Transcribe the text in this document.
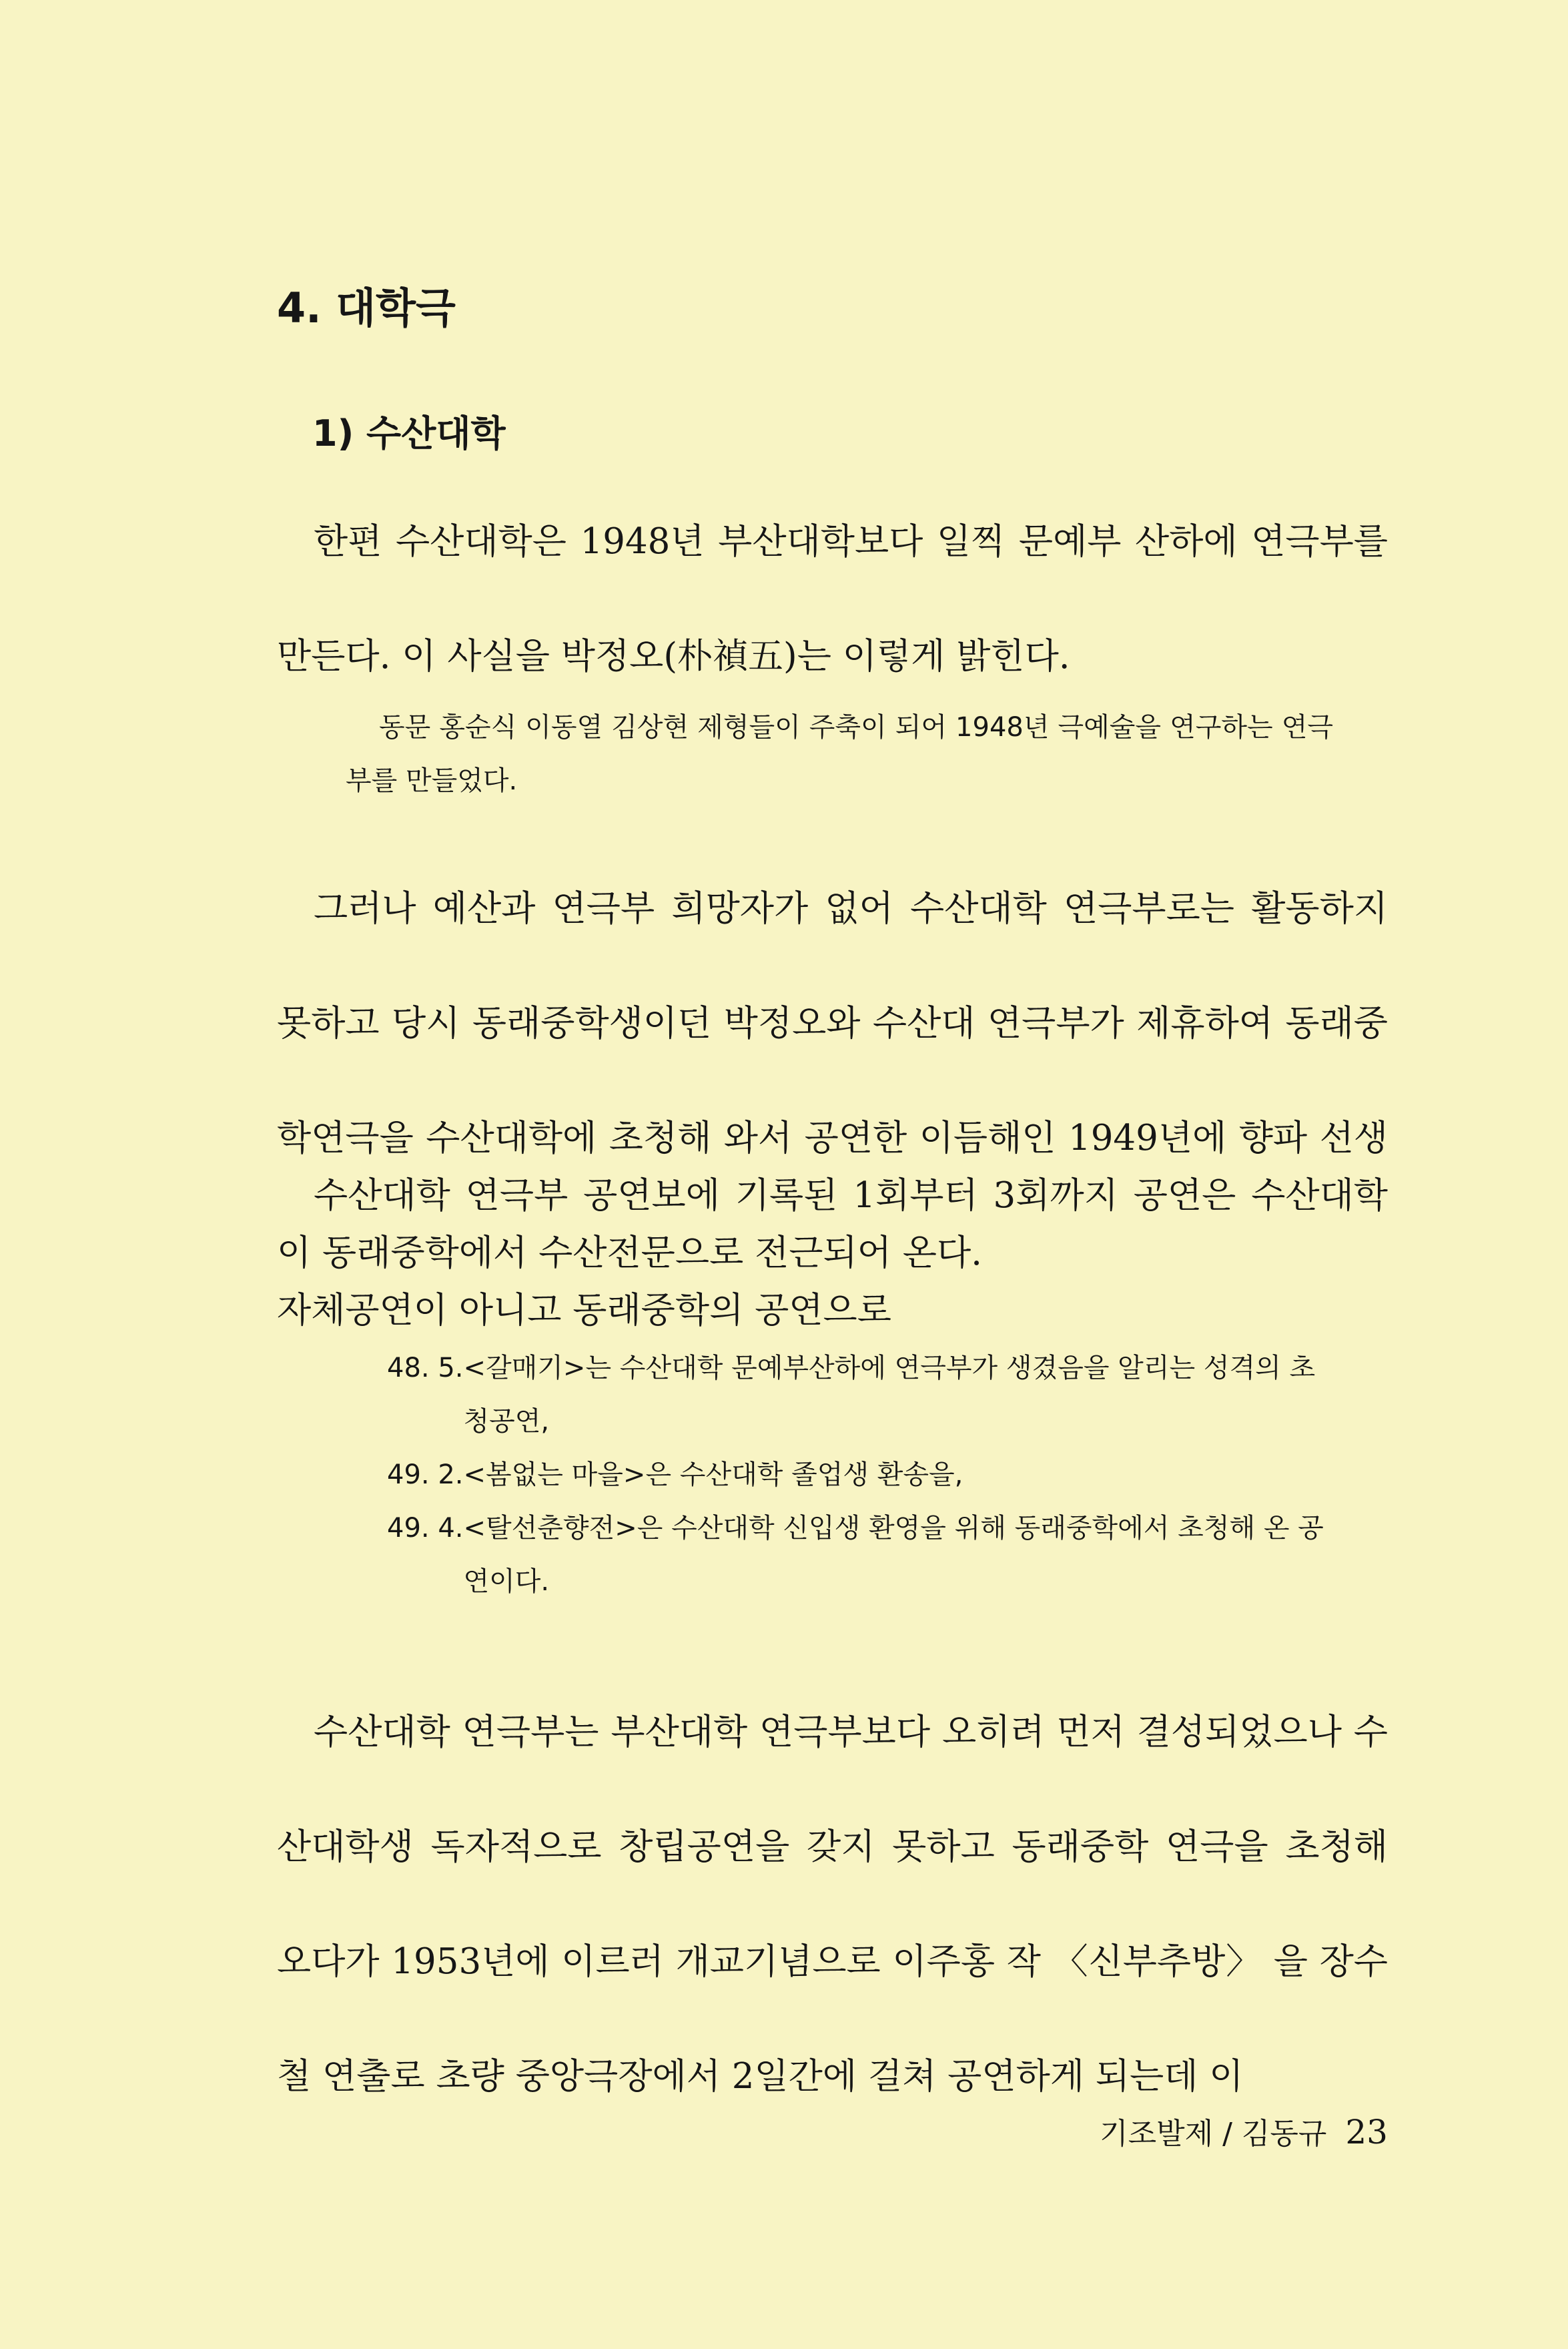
4. 대학극
1) 수산대학

한편 수산대학은 1948년 부산대학보다 일찍 문예부 산하에 연극부를 만든다. 이 사실을 박정오(朴禎五)는 이렇게 밝힌다.

동문 홍순식 이동열 김상현 제형들이 주축이 되어 1948년 극예술을 연구하는 연극부를 만들었다.

그러나 예산과 연극부 희망자가 없어 수산대학 연극부로는 활동하지 못하고 당시 동래중학생이던 박정오와 수산대 연극부가 제휴하여 동래중학연극을 수산대학에 초청해 와서 공연한 이듬해인 1949년에 향파 선생이 동래중학에서 수산전문으로 전근되어 온다.

수산대학 연극부 공연보에 기록된 1회부터 3회까지 공연은 수산대학 자체공연이 아니고 동래중학의 공연으로

48. 5. <갈매기>는 수산대학 문예부산하에 연극부가 생겼음을 알리는 성격의 초청공연,
49. 2. <봄없는 마을>은 수산대학 졸업생 환송을,
49. 4. <탈선춘향전>은 수산대학 신입생 환영을 위해 동래중학에서 초청해 온 공연이다.

수산대학 연극부는 부산대학 연극부보다 오히려 먼저 결성되었으나 수산대학생 독자적으로 창립공연을 갖지 못하고 동래중학 연극을 초청해 오다가 1953년에 이르러 개교기념으로 이주홍 작 〈신부추방〉 을 장수철 연출로 초량 중앙극장에서 2일간에 걸쳐 공연하게 되는데 이

기조발제 / 김동규 23
